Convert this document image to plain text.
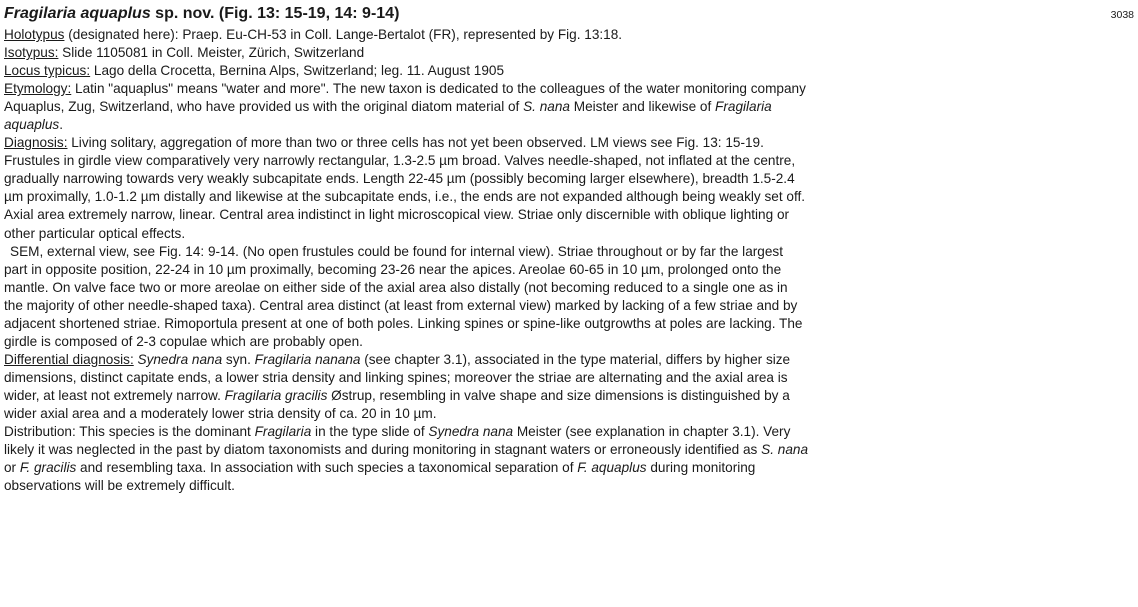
Fragilaria aquaplus sp. nov. (Fig. 13: 15-19, 14: 9-14)

Holotypus (designated here): Praep. Eu-CH-53 in Coll. Lange-Bertalot (FR), represented by Fig. 13:18.

Isotypus: Slide 1105081 in Coll. Meister, Zürich, Switzerland

Locus typicus: Lago della Crocetta, Bernina Alps, Switzerland; leg. 11. August 1905

Etymology: Latin "aquaplus" means "water and more". The new taxon is dedicated to the colleagues of the water monitoring company
Aquaplus, Zug, Switzerland, who have provided us with the original diatom material of S. nana Meister and likewise of Fragilaria
aquaplus.

Diagnosis: Living solitary, aggregation of more than two or three cells has not yet been observed. LM views see Fig. 13: 15-19.
Frustules in girdle view comparatively very narrowly rectangular, 1.3-2.5 µm broad. Valves needle-shaped, not inflated at the centre,
gradually narrowing towards very weakly subcapitate ends. Length 22-45 µm (possibly becoming larger elsewhere), breadth 1.5-2.4
µm proximally, 1.0-1.2 µm distally and likewise at the subcapitate ends, i.e., the ends are not expanded although being weakly set off.
Axial area extremely narrow, linear. Central area indistinct in light microscopical view. Striae only discernible with oblique lighting or
other particular optical effects.

SEM, external view, see Fig. 14: 9-14. (No open frustules could be found for internal view). Striae throughout or by far the largest
part in opposite position, 22-24 in 10 µm proximally, becoming 23-26 near the apices. Areolae 60-65 in 10 µm, prolonged onto the
mantle. On valve face two or more areolae on either side of the axial area also distally (not becoming reduced to a single one as in
the majority of other needle-shaped taxa). Central area distinct (at least from external view) marked by lacking of a few striae and by
adjacent shortened striae. Rimoportula present at one of both poles. Linking spines or spine-like outgrowths at poles are lacking. The
girdle is composed of 2-3 copulae which are probably open.

Differential diagnosis: Synedra nana syn. Fragilaria nanana (see chapter 3.1), associated in the type material, differs by higher size
dimensions, distinct capitate ends, a lower stria density and linking spines; moreover the striae are alternating and the axial area is
wider, at least not extremely narrow. Fragilaria gracilis Østrup, resembling in valve shape and size dimensions is distinguished by a
wider axial area and a moderately lower stria density of ca. 20 in 10 µm.

Distribution: This species is the dominant Fragilaria in the type slide of Synedra nana Meister (see explanation in chapter 3.1). Very
likely it was neglected in the past by diatom taxonomists and during monitoring in stagnant waters or erroneously identified as S. nana
or F. gracilis and resembling taxa. In association with such species a taxonomical separation of F. aquaplus during monitoring
observations will be extremely difficult.

3038
